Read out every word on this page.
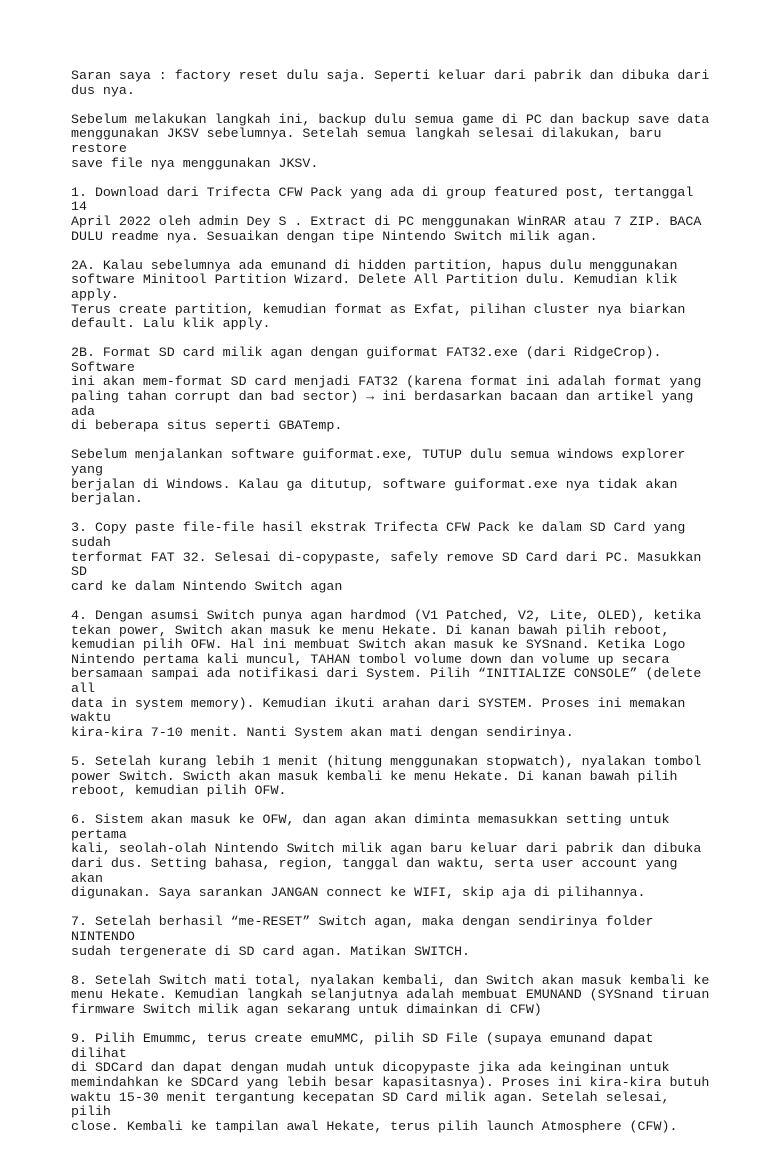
Saran saya : factory reset dulu saja. Seperti keluar dari pabrik dan dibuka dari
dus nya.

Sebelum melakukan langkah ini, backup dulu semua game di PC dan backup save data
menggunakan JKSV sebelumnya. Setelah semua langkah selesai dilakukan, baru restore
save file nya menggunakan JKSV.

1. Download dari Trifecta CFW Pack yang ada di group featured post, tertanggal 14
April 2022 oleh admin Dey S . Extract di PC menggunakan WinRAR atau 7 ZIP. BACA
DULU readme nya. Sesuaikan dengan tipe Nintendo Switch milik agan.

2A. Kalau sebelumnya ada emunand di hidden partition, hapus dulu menggunakan
software Minitool Partition Wizard. Delete All Partition dulu. Kemudian klik apply.
Terus create partition, kemudian format as Exfat, pilihan cluster nya biarkan
default. Lalu klik apply.

2B. Format SD card milik agan dengan guiformat FAT32.exe (dari RidgeCrop). Software
ini akan mem-format SD card menjadi FAT32 (karena format ini adalah format yang
paling tahan corrupt dan bad sector) → ini berdasarkan bacaan dan artikel yang ada
di beberapa situs seperti GBATemp.

Sebelum menjalankan software guiformat.exe, TUTUP dulu semua windows explorer yang
berjalan di Windows. Kalau ga ditutup, software guiformat.exe nya tidak akan
berjalan.

3. Copy paste file-file hasil ekstrak Trifecta CFW Pack ke dalam SD Card yang sudah
terformat FAT 32. Selesai di-copypaste, safely remove SD Card dari PC. Masukkan SD
card ke dalam Nintendo Switch agan

4. Dengan asumsi Switch punya agan hardmod (V1 Patched, V2, Lite, OLED), ketika
tekan power, Switch akan masuk ke menu Hekate. Di kanan bawah pilih reboot,
kemudian pilih OFW. Hal ini membuat Switch akan masuk ke SYSnand. Ketika Logo
Nintendo pertama kali muncul, TAHAN tombol volume down dan volume up secara
bersamaan sampai ada notifikasi dari System. Pilih “INITIALIZE CONSOLE” (delete all
data in system memory). Kemudian ikuti arahan dari SYSTEM. Proses ini memakan waktu
kira-kira 7-10 menit. Nanti System akan mati dengan sendirinya.

5. Setelah kurang lebih 1 menit (hitung menggunakan stopwatch), nyalakan tombol
power Switch. Swicth akan masuk kembali ke menu Hekate. Di kanan bawah pilih
reboot, kemudian pilih OFW.

6. Sistem akan masuk ke OFW, dan agan akan diminta memasukkan setting untuk pertama
kali, seolah-olah Nintendo Switch milik agan baru keluar dari pabrik dan dibuka
dari dus. Setting bahasa, region, tanggal dan waktu, serta user account yang akan
digunakan. Saya sarankan JANGAN connect ke WIFI, skip aja di pilihannya.

7. Setelah berhasil “me-RESET” Switch agan, maka dengan sendirinya folder NINTENDO
sudah tergenerate di SD card agan. Matikan SWITCH.

8. Setelah Switch mati total, nyalakan kembali, dan Switch akan masuk kembali ke
menu Hekate. Kemudian langkah selanjutnya adalah membuat EMUNAND (SYSnand tiruan
firmware Switch milik agan sekarang untuk dimainkan di CFW)

9. Pilih Emummc, terus create emuMMC, pilih SD File (supaya emunand dapat dilihat
di SDCard dan dapat dengan mudah untuk dicopypaste jika ada keinginan untuk
memindahkan ke SDCard yang lebih besar kapasitasnya). Proses ini kira-kira butuh
waktu 15-30 menit tergantung kecepatan SD Card milik agan. Setelah selesai, pilih
close. Kembali ke tampilan awal Hekate, terus pilih launch Atmosphere (CFW).
